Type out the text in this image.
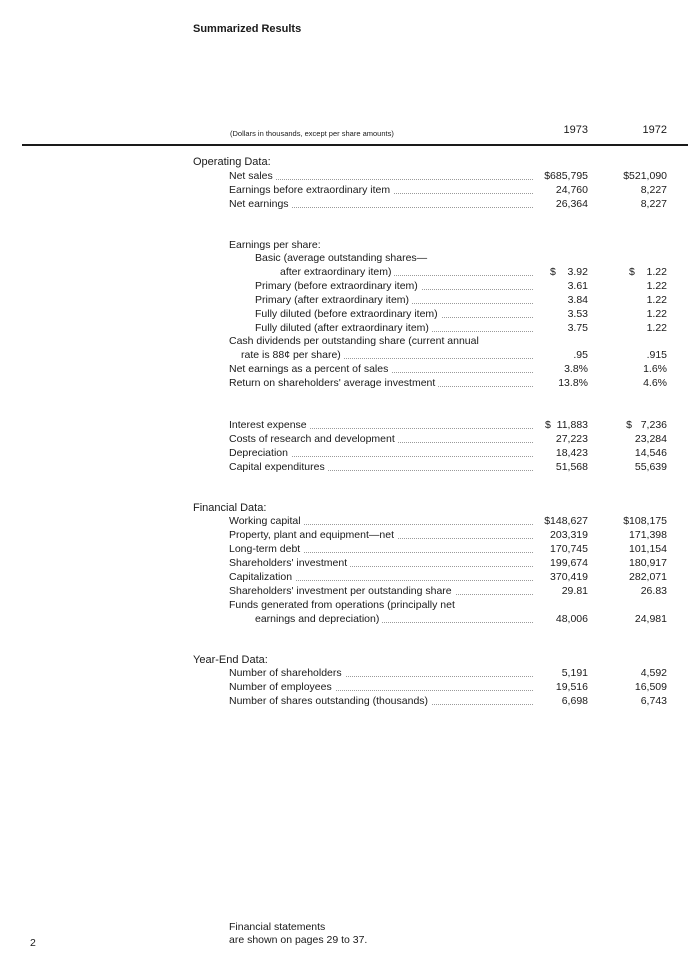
Summarized Results
(Dollars in thousands, except per share amounts)	1973	1972
Operating Data:
Net sales	$685,795	$521,090
Earnings before extraordinary item	24,760	8,227
Net earnings	26,364	8,227
Earnings per share:
Basic (average outstanding shares—
after extraordinary item)	$    3.92	$    1.22
Primary (before extraordinary item)	3.61	1.22
Primary (after extraordinary item)	3.84	1.22
Fully diluted (before extraordinary item)	3.53	1.22
Fully diluted (after extraordinary item)	3.75	1.22
Cash dividends per outstanding share (current annual
rate is 88¢ per share)	.95	.915
Net earnings as a percent of sales	3.8%	1.6%
Return on shareholders' average investment	13.8%	4.6%
Interest expense	$  11,883	$   7,236
Costs of research and development	27,223	23,284
Depreciation	18,423	14,546
Capital expenditures	51,568	55,639
Financial Data:
Working capital	$148,627	$108,175
Property, plant and equipment—net	203,319	171,398
Long-term debt	170,745	101,154
Shareholders' investment	199,674	180,917
Capitalization	370,419	282,071
Shareholders' investment per outstanding share	29.81	26.83
Funds generated from operations (principally net
earnings and depreciation)	48,006	24,981
Year-End Data:
Number of shareholders	5,191	4,592
Number of employees	19,516	16,509
Number of shares outstanding (thousands)	6,698	6,743
2
Financial statements
are shown on pages 29 to 37.
